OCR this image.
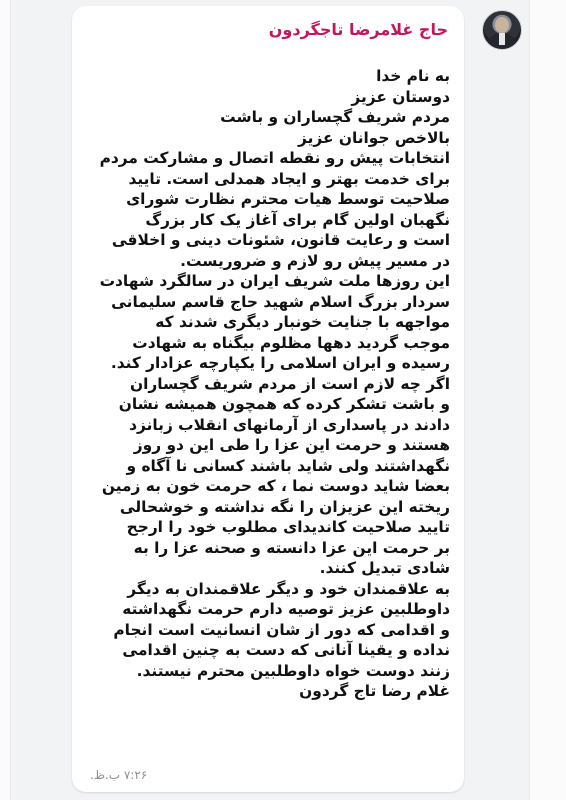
حاج غلامرضا تاجگردون
به نام خدا
دوستان عزیز
مردم شریف گچساران و باشت
بالاخص جوانان عزیز
انتخابات پیش رو نقطه اتصال و مشارکت مردم
برای خدمت بهتر و ایجاد همدلی است. تایید
صلاحیت توسط هیات محترم نظارت شورای
نگهبان اولین گام برای آغاز یک کار بزرگ
است و رعایت قانون، شئونات دینی و اخلاقی
در مسیر پیش رو لازم و ضروریست.
این روزها ملت شریف ایران در سالگرد شهادت
سردار بزرگ اسلام شهید حاج قاسم سلیمانی
مواجهه با جنایت خونبار دیگری شدند که
موجب گردید دهها مظلوم بیگناه به شهادت
رسیده و ایران اسلامی را یکپارچه عزادار کند.
اگر چه لازم است از مردم شریف گچساران
و باشت تشکر کرده که همچون همیشه نشان
دادند در پاسداری از آرمانهای انقلاب زبانزد
هستند و حرمت این عزا را طی این دو روز
نگهداشتند ولی شاید باشند کسانی نا آگاه و
بعضا شاید دوست نما ، که حرمت خون به زمین
ریخته این عزیزان را نگه نداشته و خوشحالی
تایید صلاحیت کاندیدای مطلوب خود را ارجح
بر حرمت این عزا دانسته و صحنه عزا را به
شادی تبدیل کنند.
به علاقمندان خود و دیگر علاقمندان به دیگر
داوطلبین عزیز توصیه دارم حرمت نگهداشته
و اقدامی که دور از شان انسانیت است انجام
نداده و یقینا آنانی که دست به چنین اقدامی
زنند دوست خواه داوطلبین محترم نیستند.
غلام رضا تاج گردون
۷:۲۶ ب.ظ.
